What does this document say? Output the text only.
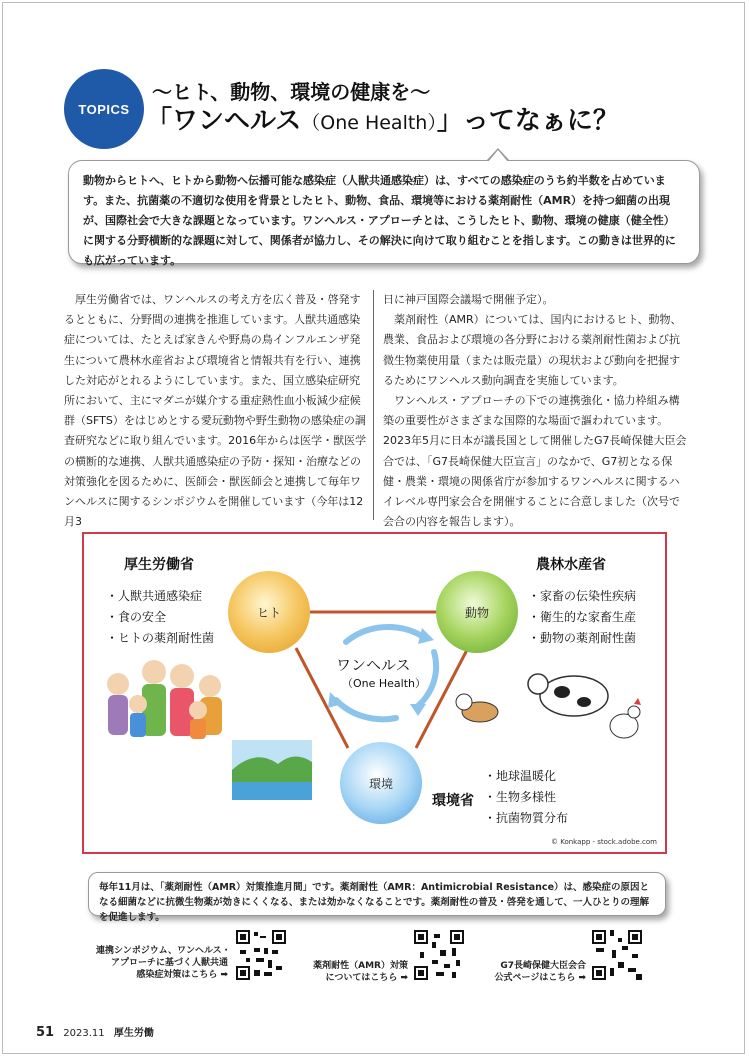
TOPICS
〜ヒト、動物、環境の健康を〜
「ワンヘルス（One Health）」ってなぁに？
動物からヒトへ、ヒトから動物へ伝播可能な感染症（人獣共通感染症）は、すべての感染症のうち約半数を占めています。また、抗菌薬の不適切な使用を背景としたヒト、動物、食品、環境等における薬剤耐性（AMR）を持つ細菌の出現が、国際社会で大きな課題となっています。ワンヘルス・アプローチとは、こうしたヒト、動物、環境の健康（健全性）に関する分野横断的な課題に対して、関係者が協力し、その解決に向けて取り組むことを指します。この動きは世界的にも広がっています。

厚生労働省では、ワンヘルスの考え方を広く普及・啓発するとともに、分野間の連携を推進しています。人獣共通感染症については、たとえば家きんや野鳥の鳥インフルエンザ発生について農林水産省および環境省と情報共有を行い、連携した対応がとれるようにしています。また、国立感染症研究所において、主にマダニが媒介する重症熱性血小板減少症候群（SFTS）をはじめとする愛玩動物や野生動物の感染症の調査研究などに取り組んでいます。2016年からは医学・獣医学の横断的な連携、人獣共通感染症の予防・探知・治療などの対策強化を図るために、医師会・獣医師会と連携して毎年ワンヘルスに関するシンポジウムを開催しています（今年は12月3

日に神戸国際会議場で開催予定）。

薬剤耐性（AMR）については、国内におけるヒト、動物、農業、食品および環境の各分野における薬剤耐性菌および抗微生物薬使用量（または販売量）の現状および動向を把握するためにワンヘルス動向調査を実施しています。

ワンヘルス・アプローチの下での連携強化・協力枠組み構築の重要性がさまざまな国際的な場面で謳われています。2023年5月に日本が議長国として開催したG7長崎保健大臣会合では、「G7長崎保健大臣宣言」のなかで、G7初となる保健・農業・環境の関係省庁が参加するワンヘルスに関するハイレベル専門家会合を開催することに合意しました（次号で会合の内容を報告します）。

厚生労働省
・人獣共通感染症
・食の安全
・ヒトの薬剤耐性菌
農林水産省
・家畜の伝染性疾病
・衛生的な家畜生産
・動物の薬剤耐性菌
環境省
・地球温暖化
・生物多様性
・抗菌物質分布
ヒト	動物
環境
ワンヘルス
（One Health）
© Konkapp - stock.adobe.com
毎年11月は、「薬剤耐性（AMR）対策推進月間」です。薬剤耐性（AMR：Antimicrobial Resistance）は、感染症の原因となる細菌などに抗微生物薬が効きにくくなる、または効かなくなることです。薬剤耐性の普及・啓発を通して、一人ひとりの理解を促進します。
連携シンポジウム、ワンヘルス・
アプローチに基づく人獣共通
感染症対策はこちら ➡
薬剤耐性（AMR）対策
についてはこちら ➡
G7長崎保健大臣会合
公式ページはこちら ➡
51 2023.11 厚生労働
